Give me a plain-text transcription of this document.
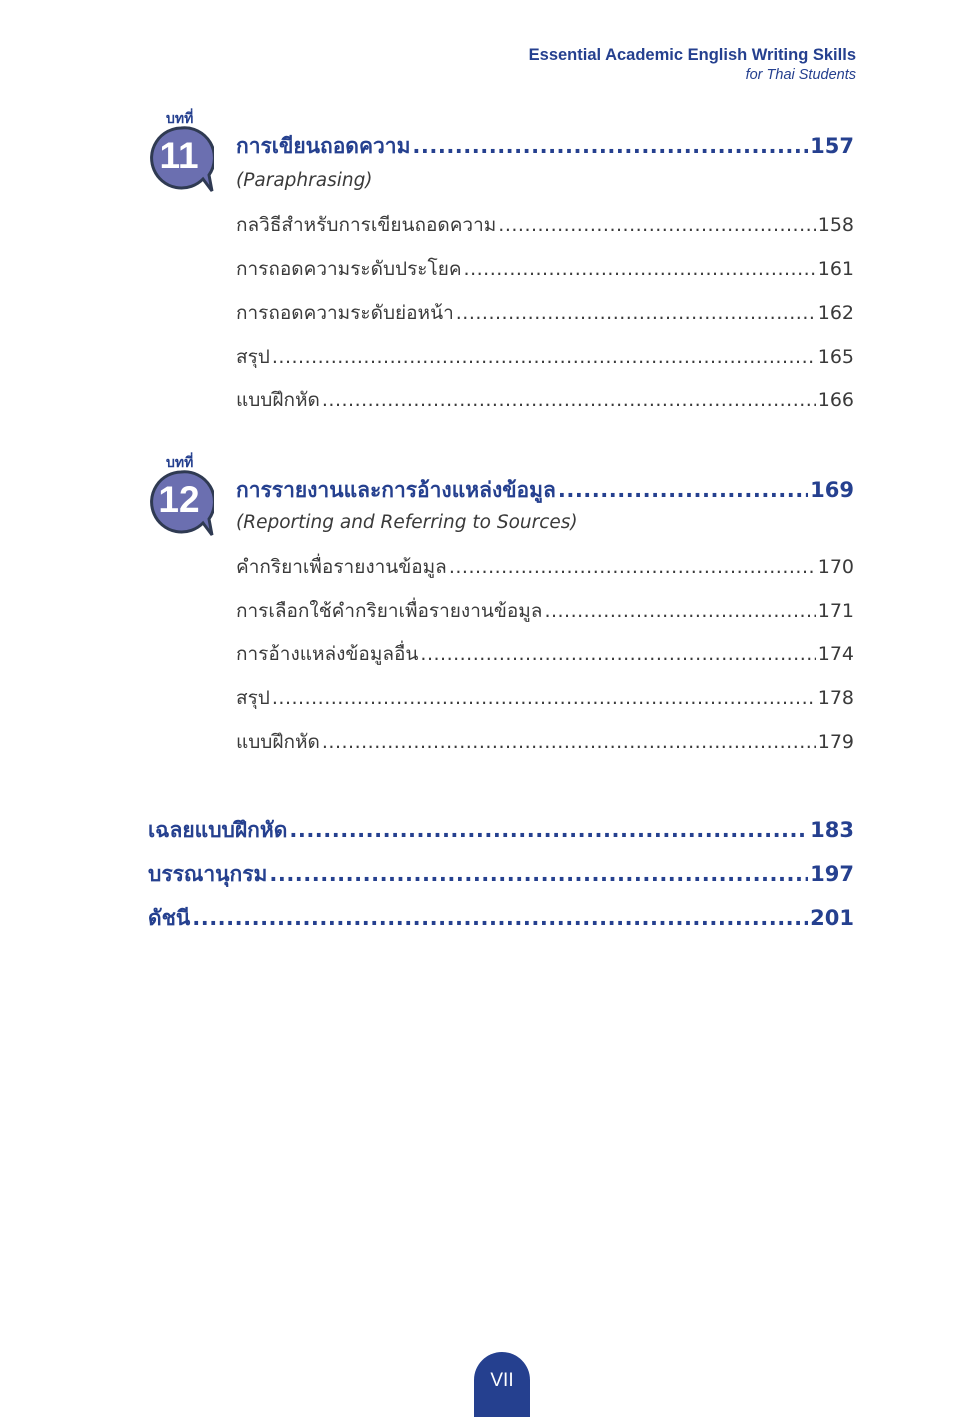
Essential Academic English Writing Skills
for Thai Students
บทที่
11	การเขียนถอดความ .....	157
(Paraphrasing)
กลวิธีสำหรับการเขียนถอดความ .....	158
การถอดความระดับประโยค .....	161
การถอดความระดับย่อหน้า .....	162
สรุป .....	165
แบบฝึกหัด .....	166
บทที่
12	การรายงานและการอ้างแหล่งข้อมูล .....	169
(Reporting and Referring to Sources)
คำกริยาเพื่อรายงานข้อมูล .....	170
การเลือกใช้คำกริยาเพื่อรายงานข้อมูล .....	171
การอ้างแหล่งข้อมูลอื่น .....	174
สรุป .....	178
แบบฝึกหัด .....	179
เฉลยแบบฝึกหัด .....	183
บรรณานุกรม .....	197
ดัชนี .....	201
VII
